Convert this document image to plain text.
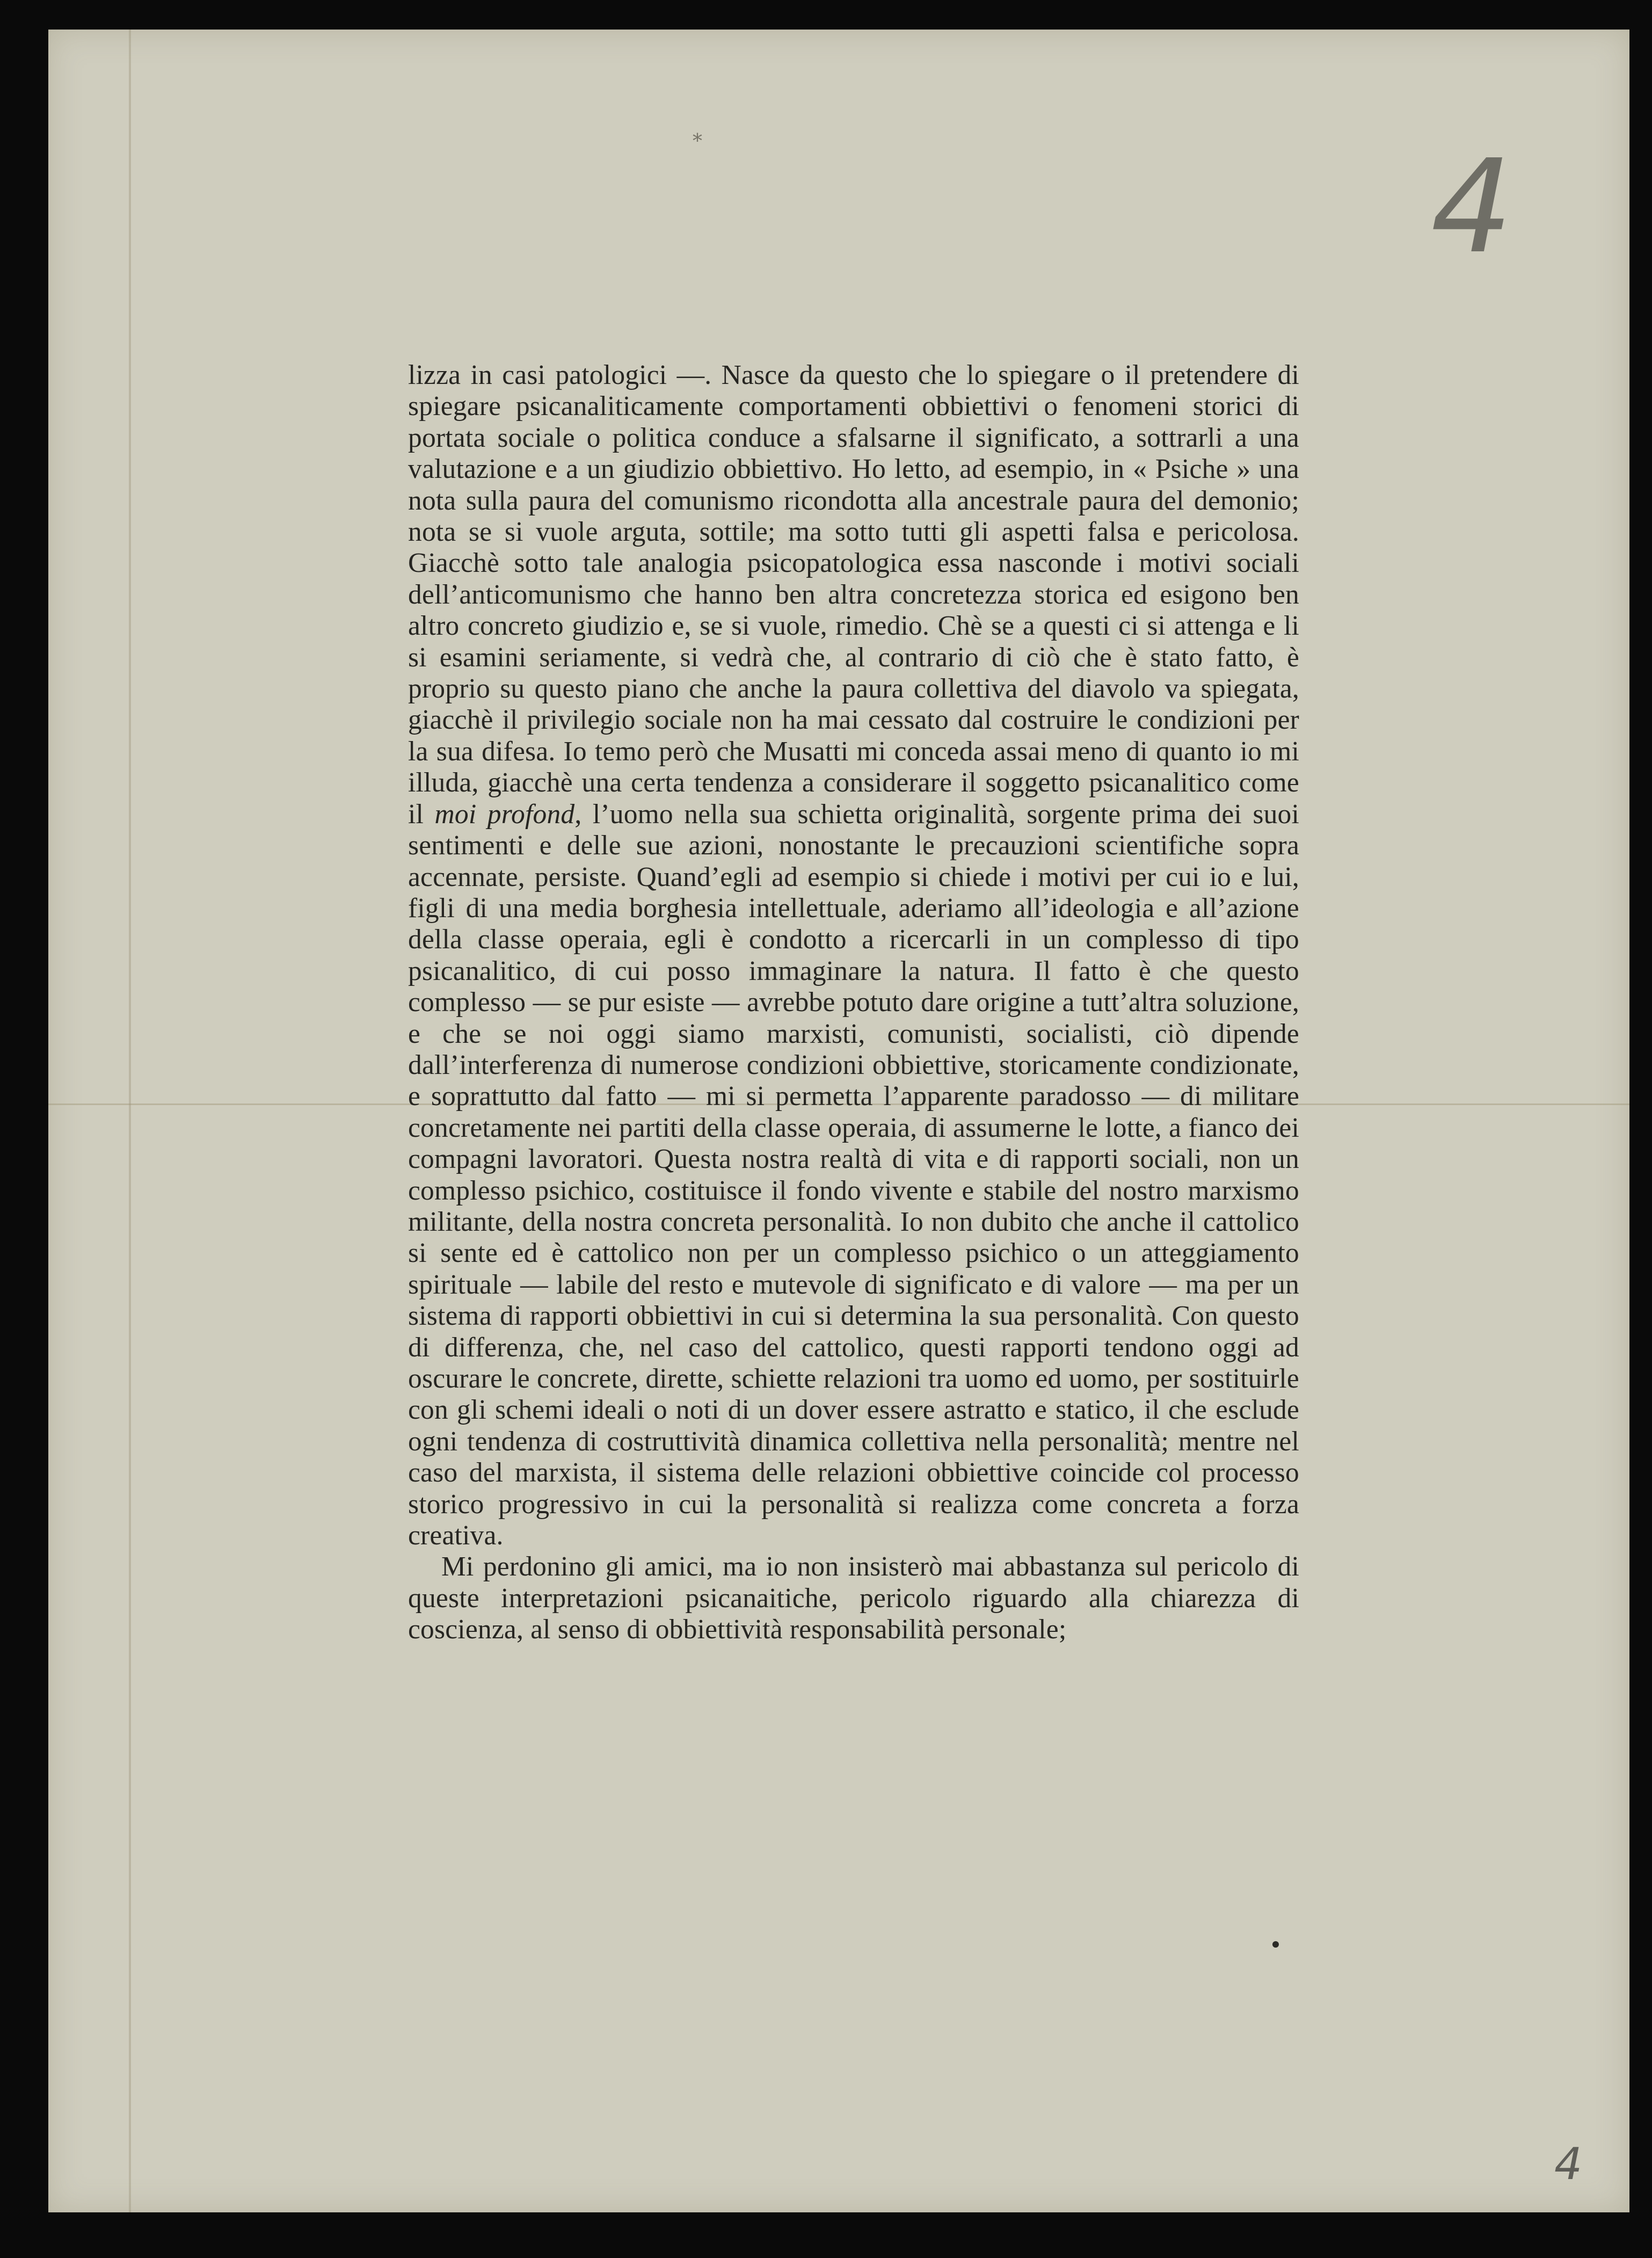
4
⁎

lizza in casi patologici —. Nasce da questo che lo spiegare o il pretendere di spiegare psicanaliticamente comportamenti obbiettivi o fenomeni storici di portata sociale o politica conduce a sfalsarne il significato, a sottrarli a una valutazione e a un giudizio obbiettivo. Ho letto, ad esempio, in « Psiche » una nota sulla paura del comunismo ricondotta alla ancestrale paura del demonio; nota se si vuole arguta, sottile; ma sotto tutti gli aspetti falsa e pericolosa. Giacchè sotto tale analogia psicopatologica essa nasconde i motivi sociali dell’anticomunismo che hanno ben altra concretezza storica ed esigono ben altro concreto giudizio e, se si vuole, rimedio. Chè se a questi ci si attenga e li si esamini seriamente, si vedrà che, al contrario di ciò che è stato fatto, è proprio su questo piano che anche la paura collettiva del diavolo va spiegata, giacchè il privilegio sociale non ha mai cessato dal costruire le condizioni per la sua difesa. Io temo però che Musatti mi conceda assai meno di quanto io mi illuda, giacchè una certa tendenza a considerare il soggetto psicanalitico come il moi profond, l’uomo nella sua schietta originalità, sorgente prima dei suoi sentimenti e delle sue azioni, nonostante le precauzioni scientifiche sopra accennate, persiste. Quand’egli ad esempio si chiede i motivi per cui io e lui, figli di una media borghesia intellettuale, aderiamo all’ideologia e all’azione della classe operaia, egli è condotto a ricercarli in un complesso di tipo psicanalitico, di cui posso immaginare la natura. Il fatto è che questo complesso — se pur esiste — avrebbe potuto dare origine a tutt’altra soluzione, e che se noi oggi siamo marxisti, comunisti, socialisti, ciò dipende dall’interferenza di numerose condizioni obbiettive, storicamente condizionate, e soprattutto dal fatto — mi si permetta l’apparente paradosso — di militare concretamente nei partiti della classe operaia, di assumerne le lotte, a fianco dei compagni lavoratori. Questa nostra realtà di vita e di rapporti sociali, non un complesso psichico, costituisce il fondo vivente e stabile del nostro marxismo militante, della nostra concreta personalità. Io non dubito che anche il cattolico si sente ed è cattolico non per un complesso psichico o un atteggiamento spirituale — labile del resto e mutevole di significato e di valore — ma per un sistema di rapporti obbiettivi in cui si determina la sua personalità. Con questo di differenza, che, nel caso del cattolico, questi rapporti tendono oggi ad oscurare le concrete, dirette, schiette relazioni tra uomo ed uomo, per sostituirle con gli schemi ideali o noti di un dover essere astratto e statico, il che esclude ogni tendenza di costruttività dinamica collettiva nella personalità; mentre nel caso del marxista, il sistema delle relazioni obbiettive coincide col processo storico progressivo in cui la personalità si realizza come concreta a forza creativa.

Mi perdonino gli amici, ma io non insisterò mai abbastanza sul pericolo di queste interpretazioni psicanaitiche, pericolo riguardo alla chiarezza di coscienza, al senso di obbiettività responsabilità personale;

4
